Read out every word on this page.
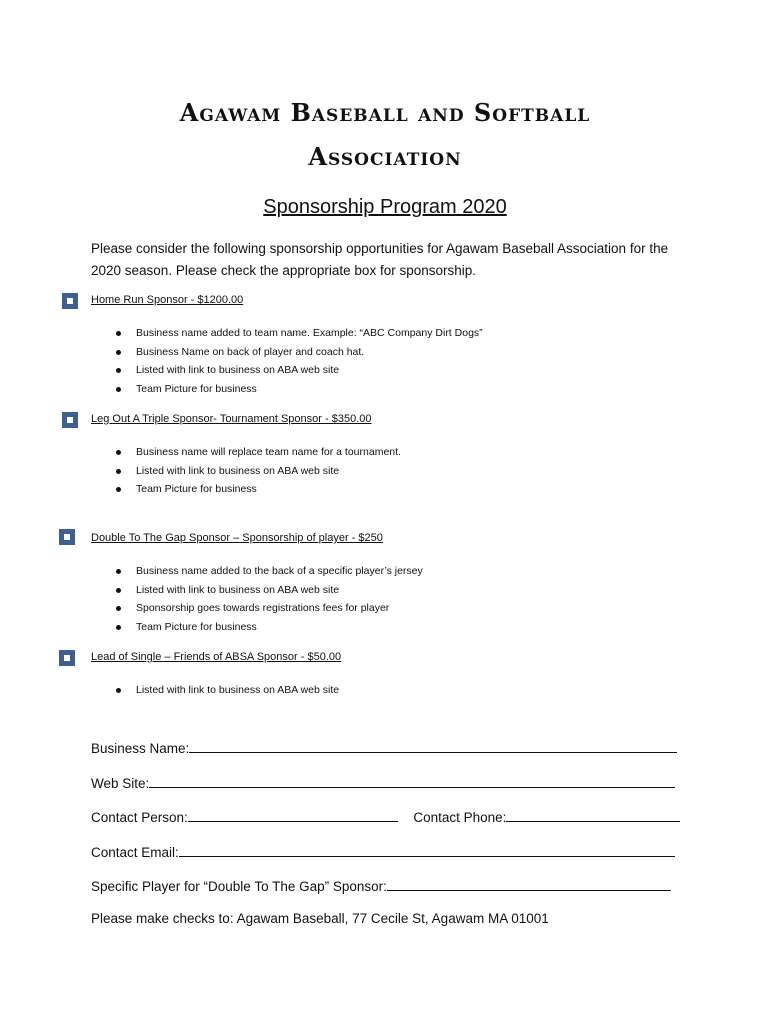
Agawam Baseball and Softball
Association
Sponsorship Program 2020
Please consider the following sponsorship opportunities for Agawam Baseball Association for the 2020 season. Please check the appropriate box for sponsorship.
Home Run Sponsor - $1200.00
Business name added to team name. Example: “ABC Company Dirt Dogs”
Business Name on back of player and coach hat.
Listed with link to business on ABA web site
Team Picture for business
Leg Out A Triple Sponsor- Tournament Sponsor - $350.00
Business name will replace team name for a tournament.
Listed with link to business on ABA web site
Team Picture for business
Double To The Gap Sponsor – Sponsorship of player - $250
Business name added to the back of a specific player’s jersey
Listed with link to business on ABA web site
Sponsorship goes towards registrations fees for player
Team Picture for business
Lead of Single – Friends of ABSA Sponsor - $50.00
Listed with link to business on ABA web site
Business Name:
Web Site:
Contact Person:	Contact Phone:
Contact Email:
Specific Player for “Double To The Gap” Sponsor:
Please make checks to: Agawam Baseball, 77 Cecile St, Agawam MA 01001
